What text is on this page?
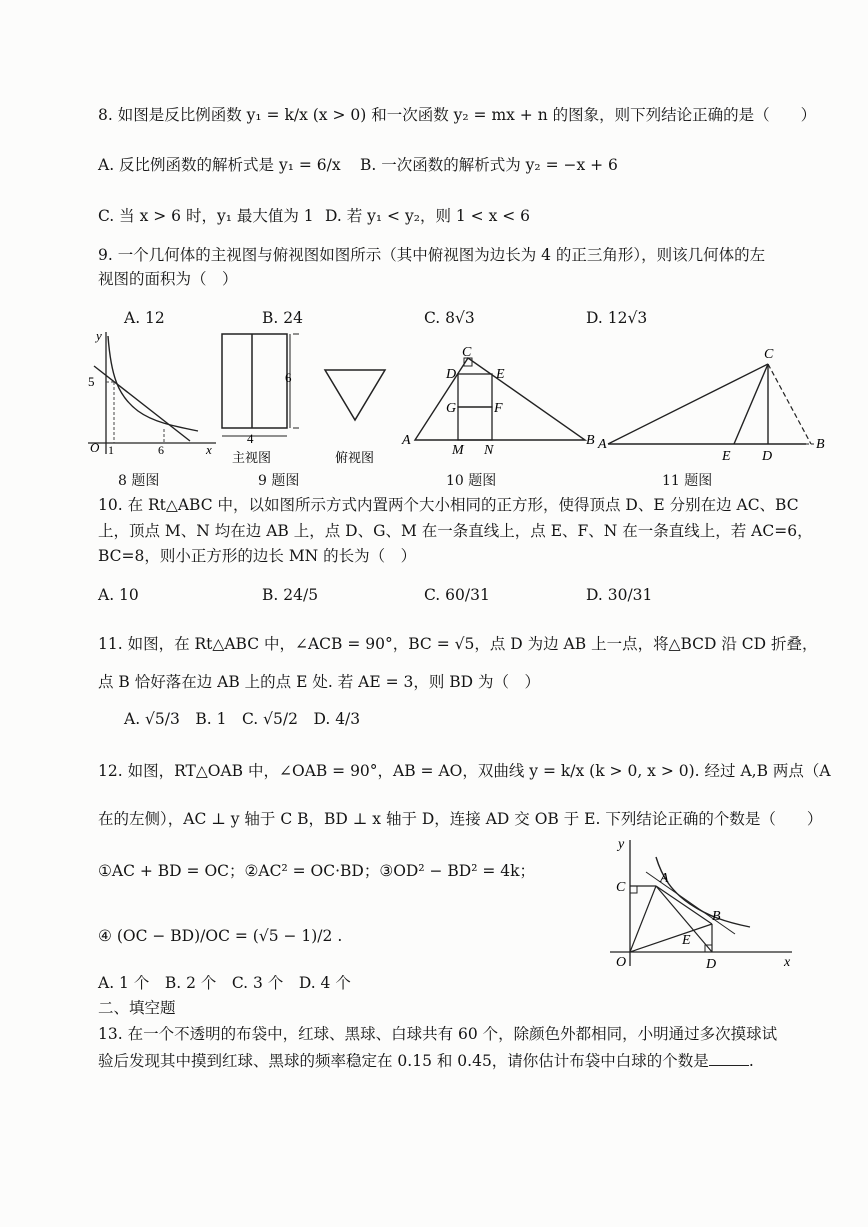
8. 如图是反比例函数 y₁ = k/x (x > 0) 和一次函数 y₂ = mx + n 的图象，则下列结论正确的是（　　）
A. 反比例函数的解析式是 y₁ = 6/x B. 一次函数的解析式为 y₂ = −x + 6
C. 当 x > 6 时，y₁ 最大值为 1 D. 若 y₁ < y₂，则 1 < x < 6
9. 一个几何体的主视图与俯视图如图所示（其中俯视图为边长为 4 的正三角形），则该几何体的左
视图的面积为（　）
A. 12	B. 24	C. 8√3	D. 12√3
y
x
O
5
1	6
8 题图
6
4
主视图	俯视图
9 题图
A	B
C
D	E
G	F
M N
10 题图
A	B
C
D
E
11 题图
10. 在 Rt△ABC 中，以如图所示方式内置两个大小相同的正方形，使得顶点 D、E 分别在边 AC、BC
上，顶点 M、N 均在边 AB 上，点 D、G、M 在一条直线上，点 E、F、N 在一条直线上，若 AC=6，
BC=8，则小正方形的边长 MN 的长为（　）
A. 10	B. 24/5	C. 60/31	D. 30/31
11. 如图，在 Rt△ABC 中，∠ACB = 90°，BC = √5，点 D 为边 AB 上一点，将△BCD 沿 CD 折叠，
点 B 恰好落在边 AB 上的点 E 处. 若 AE = 3，则 BD 为（　）
A. √5/3　B. 1　C. √5/2　D. 4/3
12. 如图，RT△OAB 中，∠OAB = 90°，AB = AO，双曲线 y = k/x (k > 0, x > 0). 经过 A,B 两点（A
在的左侧），AC ⊥ y 轴于 C B，BD ⊥ x 轴于 D，连接 AD 交 OB 于 E. 下列结论正确的个数是（　　）
①AC + BD = OC；②AC² = OC·BD；③OD² − BD² = 4k；
④ (OC − BD)/OC = (√5 − 1)/2 .
A. 1 个　B. 2 个　C. 3 个　D. 4 个
y
x
O
A
B
C
D
E
二、填空题
13. 在一个不透明的布袋中，红球、黑球、白球共有 60 个，除颜色外都相同，小明通过多次摸球试
验后发现其中摸到红球、黑球的频率稳定在 0.15 和 0.45，请你估计布袋中白球的个数是	.
